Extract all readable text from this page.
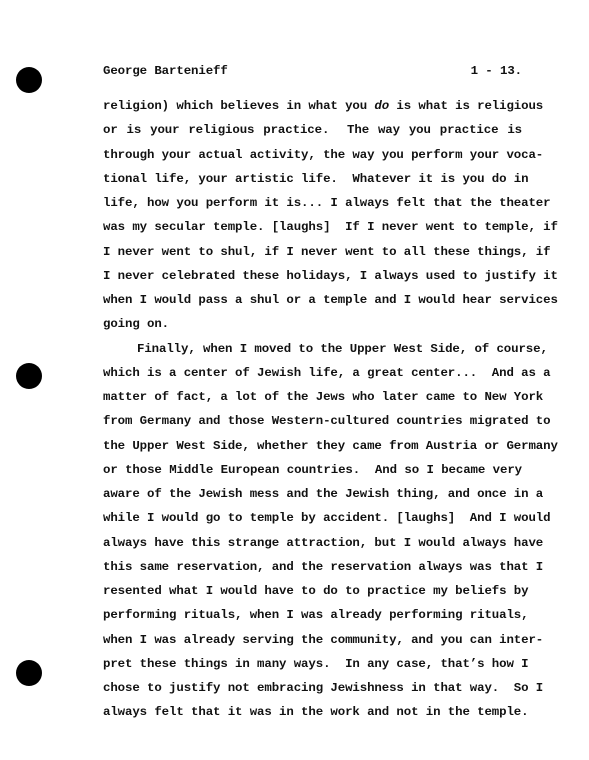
George Bartenieff	1 - 13.
religion) which believes in what you do is what is religious
or is your religious practice.  The way you practice is
through your actual activity, the way you perform your voca-
tional life, your artistic life.  Whatever it is you do in
life, how you perform it is... I always felt that the theater
was my secular temple. [laughs]  If I never went to temple, if
I never went to shul, if I never went to all these things, if
I never celebrated these holidays, I always used to justify it
when I would pass a shul or a temple and I would hear services
going on.
Finally, when I moved to the Upper West Side, of course,
which is a center of Jewish life, a great center...  And as a
matter of fact, a lot of the Jews who later came to New York
from Germany and those Western-cultured countries migrated to
the Upper West Side, whether they came from Austria or Germany
or those Middle European countries.  And so I became very
aware of the Jewish mess and the Jewish thing, and once in a
while I would go to temple by accident. [laughs]  And I would
always have this strange attraction, but I would always have
this same reservation, and the reservation always was that I
resented what I would have to do to practice my beliefs by
performing rituals, when I was already performing rituals,
when I was already serving the community, and you can inter-
pret these things in many ways.  In any case, that’s how I
chose to justify not embracing Jewishness in that way.  So I
always felt that it was in the work and not in the temple.
